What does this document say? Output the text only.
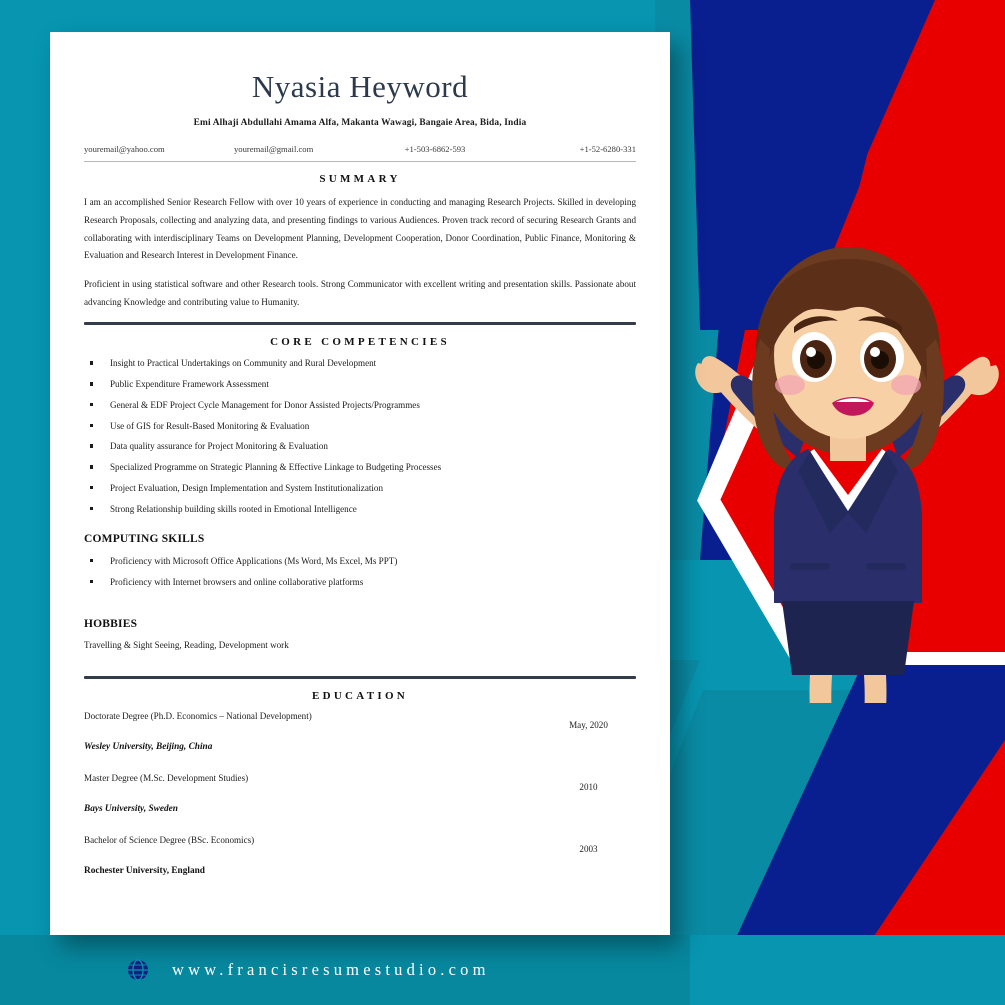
Nyasia Heyword
Emi Alhaji Abdullahi Amama Alfa, Makanta Wawagi, Bangaie Area, Bida, India
youremail@yahoo.com	youremail@gmail.com	+1-503-6862-593	+1-52-6280-331
SUMMARY

I am an accomplished Senior Research Fellow with over 10 years of experience in conducting and managing Research Projects. Skilled in developing Research Proposals, collecting and analyzing data, and presenting findings to various Audiences. Proven track record of securing Research Grants and collaborating with interdisciplinary Teams on Development Planning, Development Cooperation, Donor Coordination, Public Finance, Monitoring & Evaluation and Research Interest in Development Finance.

Proficient in using statistical software and other Research tools. Strong Communicator with excellent writing and presentation skills. Passionate about advancing Knowledge and contributing value to Humanity.

CORE COMPETENCIES
Insight to Practical Undertakings on Community and Rural Development
Public Expenditure Framework Assessment
General & EDF Project Cycle Management for Donor Assisted Projects/Programmes
Use of GIS for Result-Based Monitoring & Evaluation
Data quality assurance for Project Monitoring & Evaluation
Specialized Programme on Strategic Planning & Effective Linkage to Budgeting Processes
Project Evaluation, Design Implementation and System Institutionalization
Strong Relationship building skills rooted in Emotional Intelligence
COMPUTING SKILLS
Proficiency with Microsoft Office Applications (Ms Word, Ms Excel, Ms PPT)
Proficiency with Internet browsers and online collaborative platforms
HOBBIES

Travelling & Sight Seeing, Reading, Development work

EDUCATION
Doctorate Degree (Ph.D. Economics – National Development)
May, 2020
Wesley University, Beijing, China
Master Degree (M.Sc. Development Studies)
2010
Bays University, Sweden
Bachelor of Science Degree (BSc. Economics)
2003
Rochester University, England
www.francisresumestudio.com
